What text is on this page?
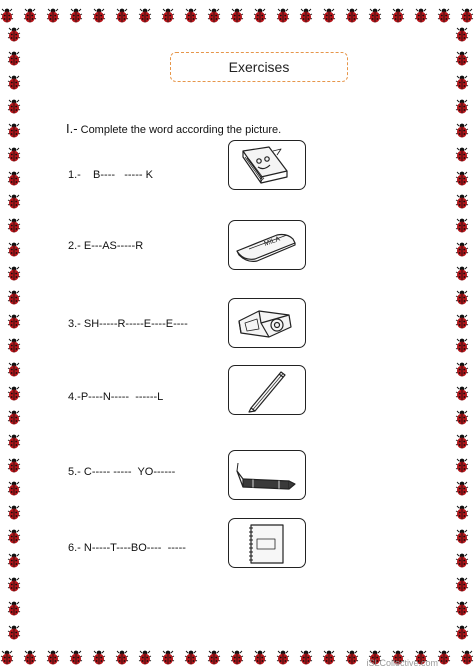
Exercises
I.- Complete the word according the picture.
1.-    B----   ----- K
2.- E---AS-----R	MILA
3.- SH-----R-----E----E----
4.-P----N-----  ------L
5.- C----- -----  YO------
6.- N-----T----BO----  -----
iSLCollective.com
